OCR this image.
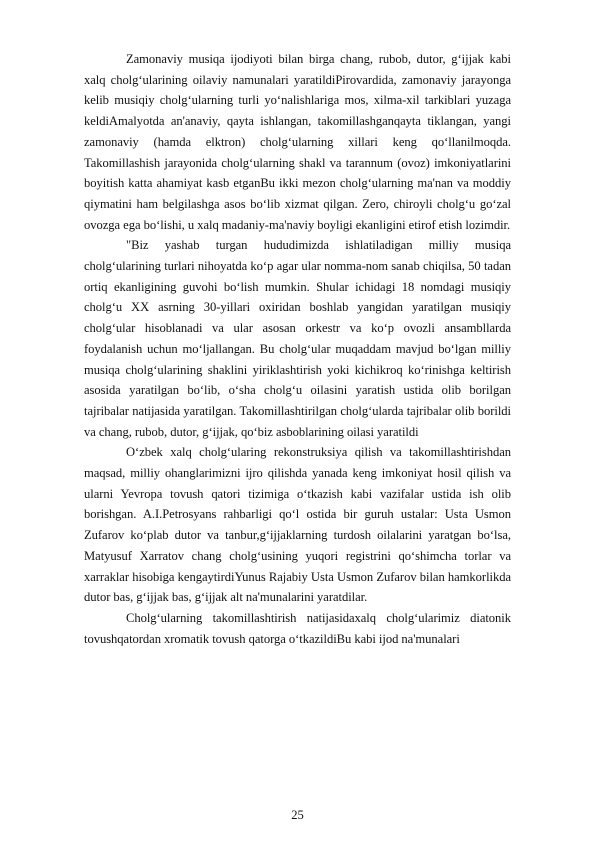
Zamonaviy musiqa ijodiyoti bilan birga chang, rubob, dutor, g‘ijjak kabi xalq cholg‘ularining oilaviy namunalari yaratildiPirovardida, zamonaviy jarayonga kelib musiqiy cholg‘ularning turli yo‘nalishlariga mos, xilma-xil tarkiblari yuzaga keldiAmalyotda an'anaviy, qayta ishlangan, takomillashganqayta tiklangan, yangi zamonaviy (hamda elktron) cholg‘ularning xillari keng qo‘llanilmoqda. Takomillashish jarayonida cholg‘ularning shakl va tarannum (ovoz) imkoniyatlarini boyitish katta ahamiyat kasb etganBu ikki mezon cholg‘ularning ma'nan va moddiy qiymatini ham belgilashga asos bo‘lib xizmat qilgan. Zero, chiroyli cholg‘u go‘zal ovozga ega bo‘lishi, u xalq madaniy-ma'naviy boyligi ekanligini etirof etish lozimdir.

"Biz yashab turgan hududimizda ishlatiladigan milliy musiqa cholg‘ularining turlari nihoyatda ko‘p agar ular nomma-nom sanab chiqilsa, 50 tadan ortiq ekanligining guvohi bo‘lish mumkin. Shular ichidagi 18 nomdagi musiqiy cholg‘u XX asrning 30-yillari oxiridan boshlab yangidan yaratilgan musiqiy cholg‘ular hisoblanadi va ular asosan orkestr va ko‘p ovozli ansambllarda foydalanish uchun mo‘ljallangan. Bu cholg‘ular muqaddam mavjud bo‘lgan milliy musiqa cholg‘ularining shaklini yiriklashtirish yoki kichikroq ko‘rinishga keltirish asosida yaratilgan bo‘lib, o‘sha cholg‘u oilasini yaratish ustida olib borilgan tajribalar natijasida yaratilgan. Takomillashtirilgan cholg‘ularda tajribalar olib borildi va chang, rubob, dutor, g‘ijjak, qo‘biz asboblarining oilasi yaratildi

O‘zbek xalq cholg‘ularing rekonstruksiya qilish va takomillashtirishdan maqsad, milliy ohanglarimizni ijro qilishda yanada keng imkoniyat hosil qilish va ularni Yevropa tovush qatori tizimiga o‘tkazish kabi vazifalar ustida ish olib borishgan. A.I.Petrosyans rahbarligi qo‘l ostida bir guruh ustalar: Usta Usmon Zufarov ko‘plab dutor va tanbur,g‘ijjaklarning turdosh oilalarini yaratgan bo‘lsa, Matyusuf Xarratov chang cholg‘usining yuqori registrini qo‘shimcha torlar va xarraklar hisobiga kengaytirdiYunus Rajabiy Usta Usmon Zufarov bilan hamkorlikda dutor bas, g‘ijjak bas, g‘ijjak alt na'munalarini yaratdilar.

Cholg‘ularning takomillashtirish natijasidaxalq cholg‘ularimiz diatonik tovushqatordan xromatik tovush qatorga o‘tkazildiBu kabi ijod na'munalari

25
